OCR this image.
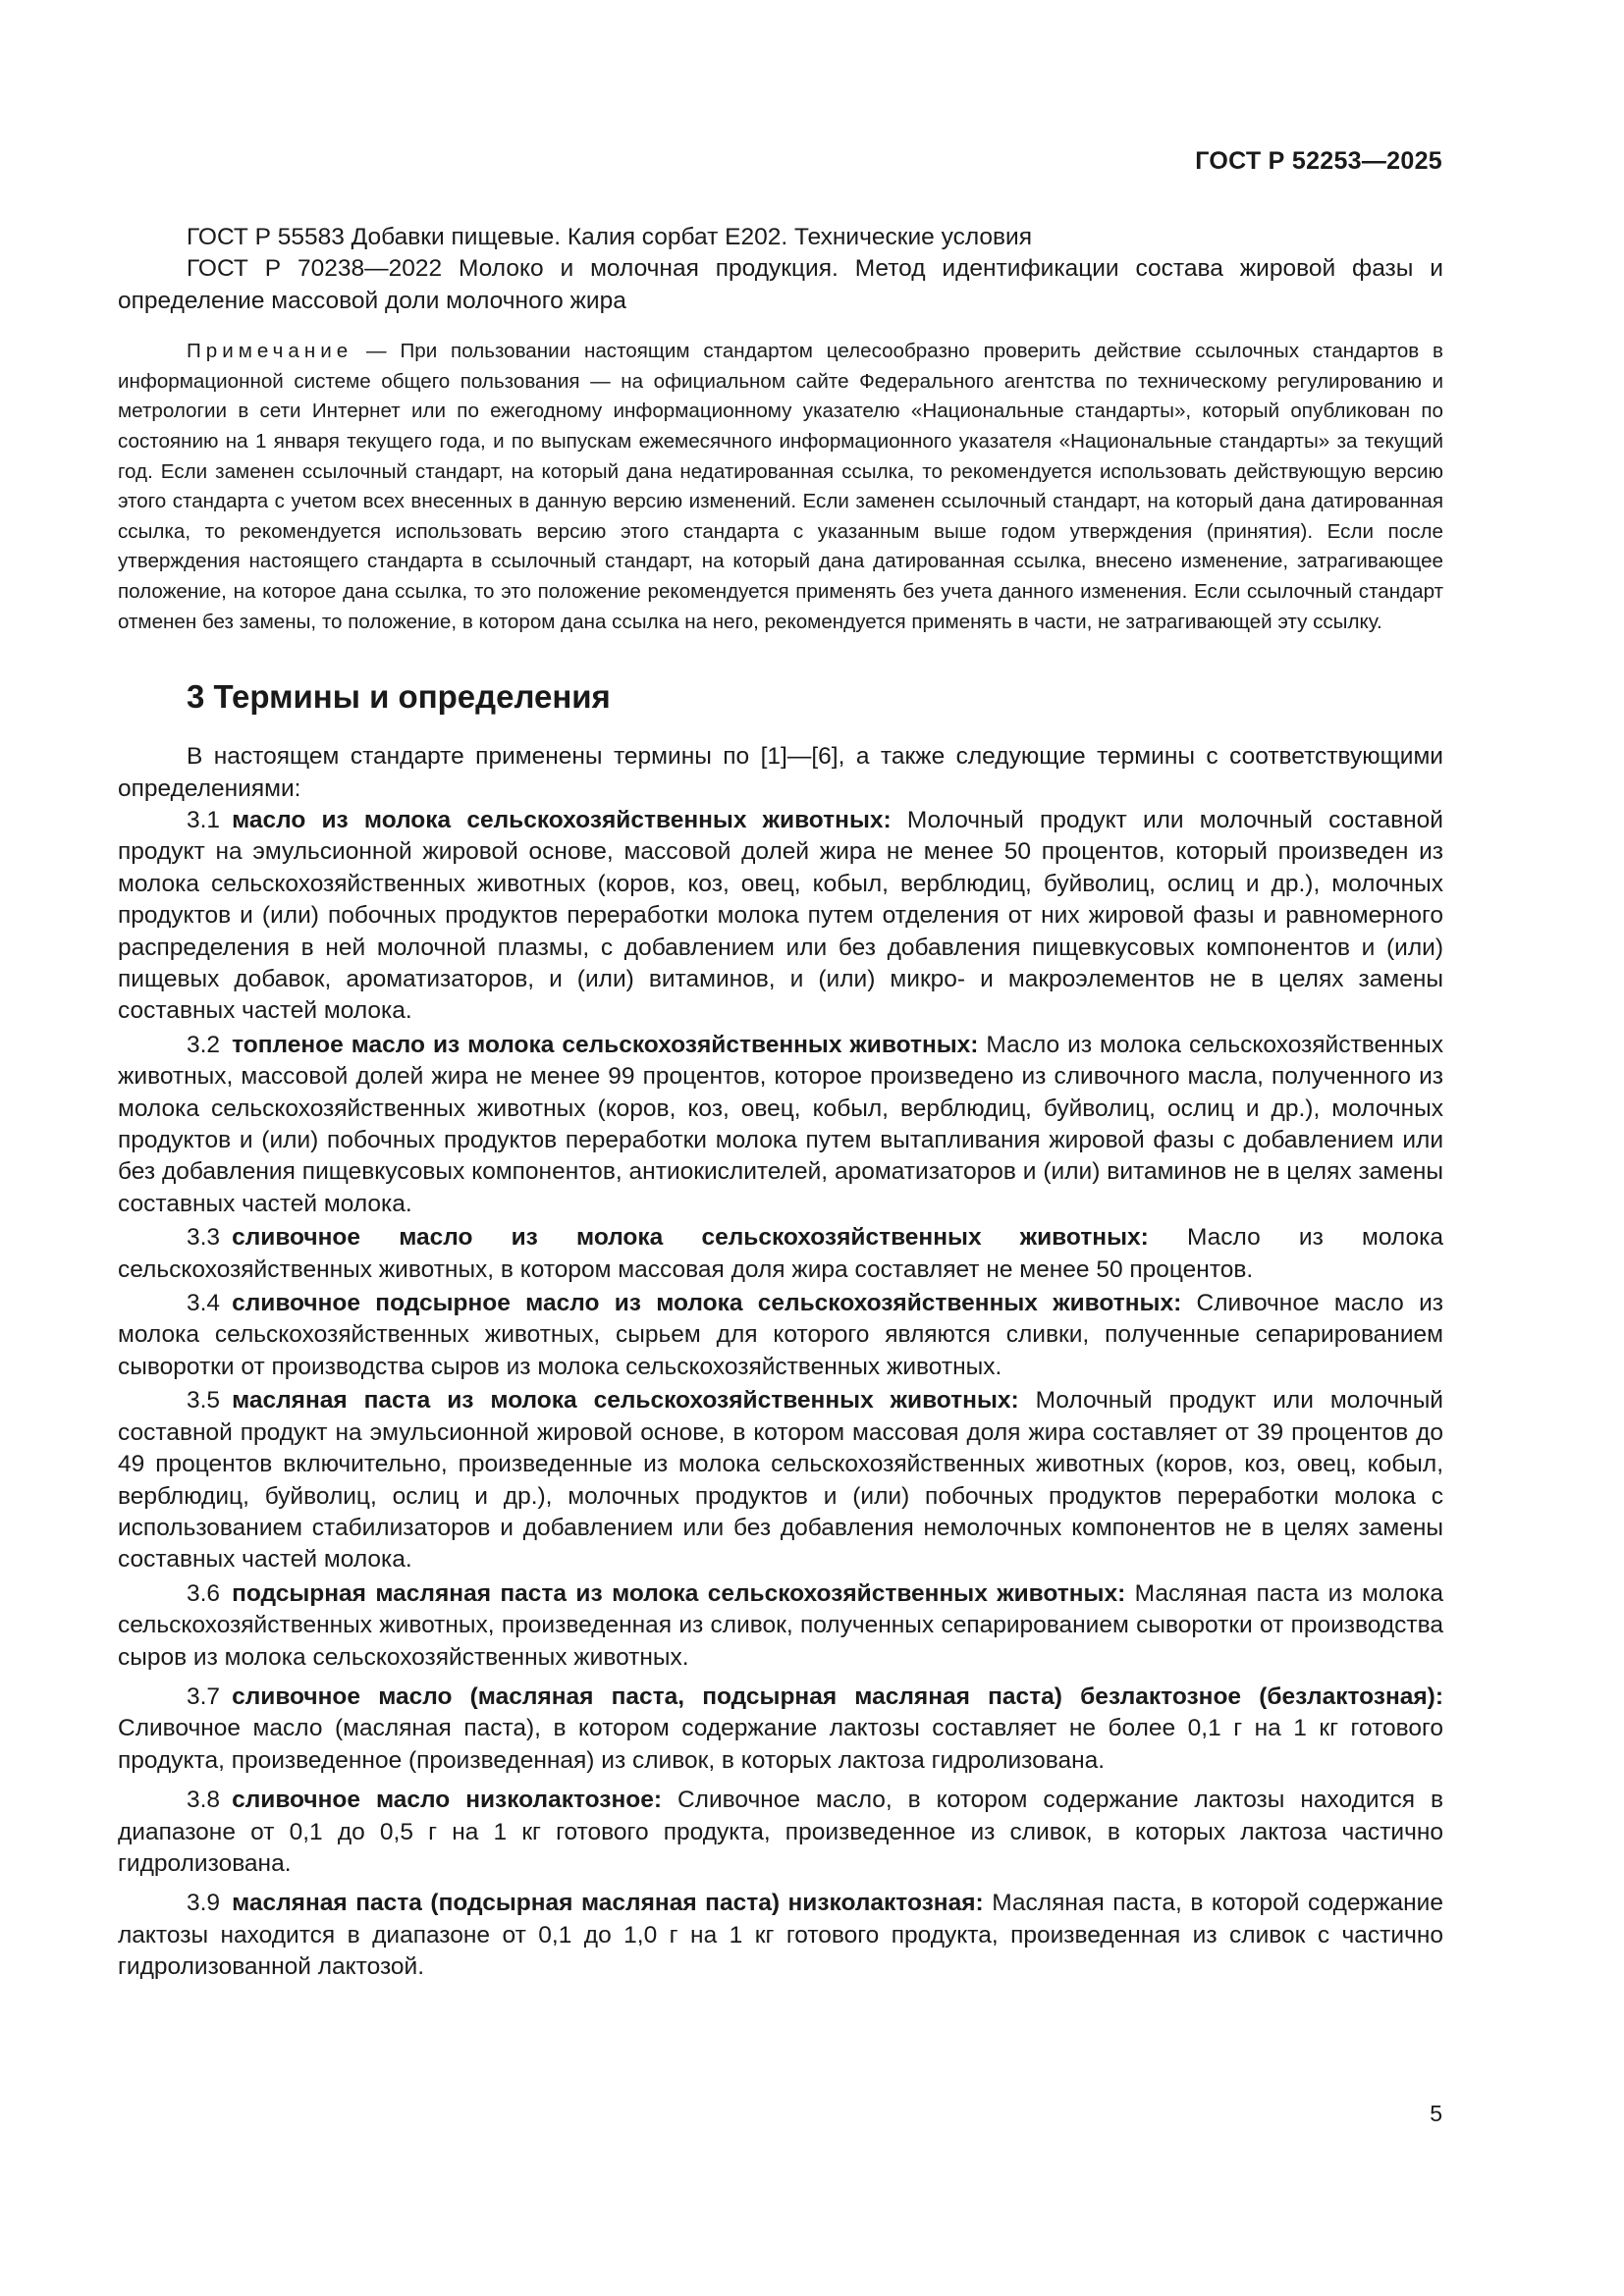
ГОСТ Р 52253—2025

ГОСТ Р 55583 Добавки пищевые. Калия сорбат Е202. Технические условия

ГОСТ Р 70238—2022 Молоко и молочная продукция. Метод идентификации состава жировой фазы и определение массовой доли молочного жира

Примечание — При пользовании настоящим стандартом целесообразно проверить действие ссылочных стандартов в информационной системе общего пользования — на официальном сайте Федерального агентства по техническому регулированию и метрологии в сети Интернет или по ежегодному информационному указателю «Национальные стандарты», который опубликован по состоянию на 1 января текущего года, и по выпускам ежемесячного информационного указателя «Национальные стандарты» за текущий год. Если заменен ссылочный стандарт, на который дана недатированная ссылка, то рекомендуется использовать действующую версию этого стандарта с учетом всех внесенных в данную версию изменений. Если заменен ссылочный стандарт, на который дана датированная ссылка, то рекомендуется использовать версию этого стандарта с указанным выше годом утверждения (принятия). Если после утверждения настоящего стандарта в ссылочный стандарт, на который дана датированная ссылка, внесено изменение, затрагивающее положение, на которое дана ссылка, то это положение рекомендуется применять без учета данного изменения. Если ссылочный стандарт отменен без замены, то положение, в котором дана ссылка на него, рекомендуется применять в части, не затрагивающей эту ссылку.

3 Термины и определения

В настоящем стандарте применены термины по [1]—[6], а также следующие термины с соответствующими определениями:

3.1 масло из молока сельскохозяйственных животных: Молочный продукт или молочный составной продукт на эмульсионной жировой основе, массовой долей жира не менее 50 процентов, который произведен из молока сельскохозяйственных животных (коров, коз, овец, кобыл, верблюдиц, буйволиц, ослиц и др.), молочных продуктов и (или) побочных продуктов переработки молока путем отделения от них жировой фазы и равномерного распределения в ней молочной плазмы, с добавлением или без добавления пищевкусовых компонентов и (или) пищевых добавок, ароматизаторов, и (или) витаминов, и (или) микро- и макроэлементов не в целях замены составных частей молока.

3.2 топленое масло из молока сельскохозяйственных животных: Масло из молока сельскохозяйственных животных, массовой долей жира не менее 99 процентов, которое произведено из сливочного масла, полученного из молока сельскохозяйственных животных (коров, коз, овец, кобыл, верблюдиц, буйволиц, ослиц и др.), молочных продуктов и (или) побочных продуктов переработки молока путем вытапливания жировой фазы с добавлением или без добавления пищевкусовых компонентов, антиокислителей, ароматизаторов и (или) витаминов не в целях замены составных частей молока.

3.3 сливочное масло из молока сельскохозяйственных животных: Масло из молока сельскохозяйственных животных, в котором массовая доля жира составляет не менее 50 процентов.

3.4 сливочное подсырное масло из молока сельскохозяйственных животных: Сливочное масло из молока сельскохозяйственных животных, сырьем для которого являются сливки, полученные сепарированием сыворотки от производства сыров из молока сельскохозяйственных животных.

3.5 масляная паста из молока сельскохозяйственных животных: Молочный продукт или молочный составной продукт на эмульсионной жировой основе, в котором массовая доля жира составляет от 39 процентов до 49 процентов включительно, произведенные из молока сельскохозяйственных животных (коров, коз, овец, кобыл, верблюдиц, буйволиц, ослиц и др.), молочных продуктов и (или) побочных продуктов переработки молока с использованием стабилизаторов и добавлением или без добавления немолочных компонентов не в целях замены составных частей молока.

3.6 подсырная масляная паста из молока сельскохозяйственных животных: Масляная паста из молока сельскохозяйственных животных, произведенная из сливок, полученных сепарированием сыворотки от производства сыров из молока сельскохозяйственных животных.

3.7 сливочное масло (масляная паста, подсырная масляная паста) безлактозное (безлактозная): Сливочное масло (масляная паста), в котором содержание лактозы составляет не более 0,1 г на 1 кг готового продукта, произведенное (произведенная) из сливок, в которых лактоза гидролизована.

3.8 сливочное масло низколактозное: Сливочное масло, в котором содержание лактозы находится в диапазоне от 0,1 до 0,5 г на 1 кг готового продукта, произведенное из сливок, в которых лактоза частично гидролизована.

3.9 масляная паста (подсырная масляная паста) низколактозная: Масляная паста, в которой содержание лактозы находится в диапазоне от 0,1 до 1,0 г на 1 кг готового продукта, произведенная из сливок с частично гидролизованной лактозой.

5
